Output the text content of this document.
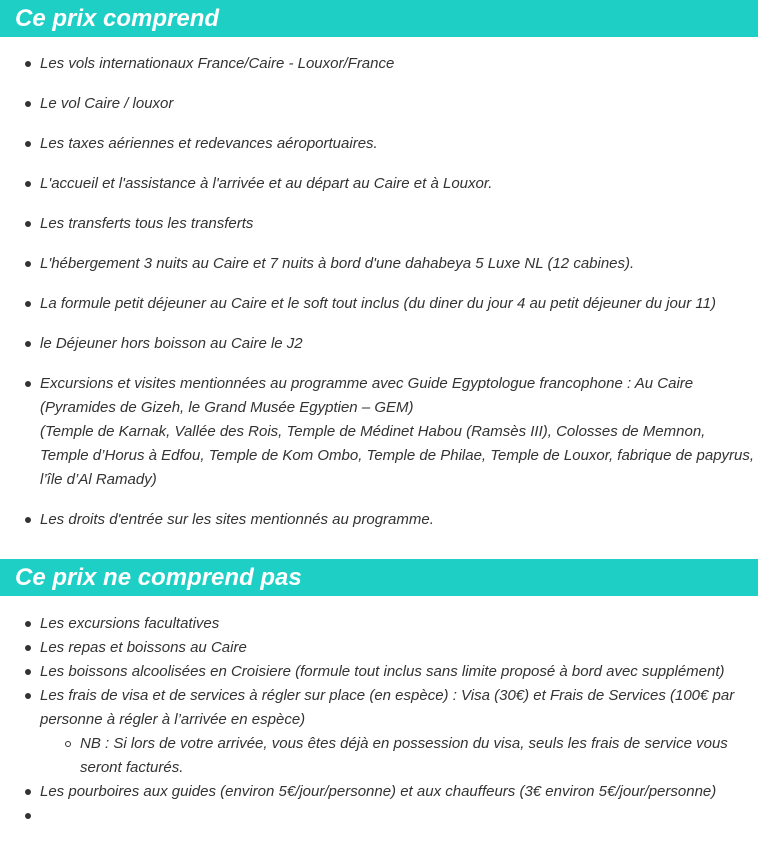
Ce prix comprend
Les vols internationaux France/Caire - Louxor/France
Le vol Caire / louxor
Les taxes aériennes et redevances aéroportuaires.
L'accueil et l'assistance à l'arrivée et au départ au Caire et à Louxor.
Les transferts tous les transferts
L'hébergement 3 nuits au Caire et 7 nuits à bord d'une dahabeya 5 Luxe NL (12 cabines).
La formule petit déjeuner au Caire et le soft tout inclus (du diner du jour 4 au petit déjeuner du jour 11)
le Déjeuner hors boisson au Caire le J2
Excursions et visites mentionnées au programme avec Guide Egyptologue francophone : Au Caire (Pyramides de Gizeh, le Grand Musée Egyptien – GEM)
(Temple de Karnak, Vallée des Rois, Temple de Médinet Habou (Ramsès III), Colosses de Memnon, Temple d’Horus à Edfou, Temple de Kom Ombo, Temple de Philae, Temple de Louxor, fabrique de papyrus, l’île d’Al Ramady)
Les droits d'entrée sur les sites mentionnés au programme.
Ce prix ne comprend pas
Les excursions facultatives
Les repas et boissons au Caire
Les boissons alcoolisées en Croisiere (formule tout inclus sans limite proposé à bord avec supplément)
Les frais de visa et de services à régler sur place (en espèce) : Visa (30€) et Frais de Services (100€ par personne à régler à l’arrivée en espèce)
NB : Si lors de votre arrivée, vous êtes déjà en possession du visa, seuls les frais de service vous seront facturés.
Les pourboires aux guides (environ 5€/jour/personne) et aux chauffeurs (3€ environ 5€/jour/personne)
